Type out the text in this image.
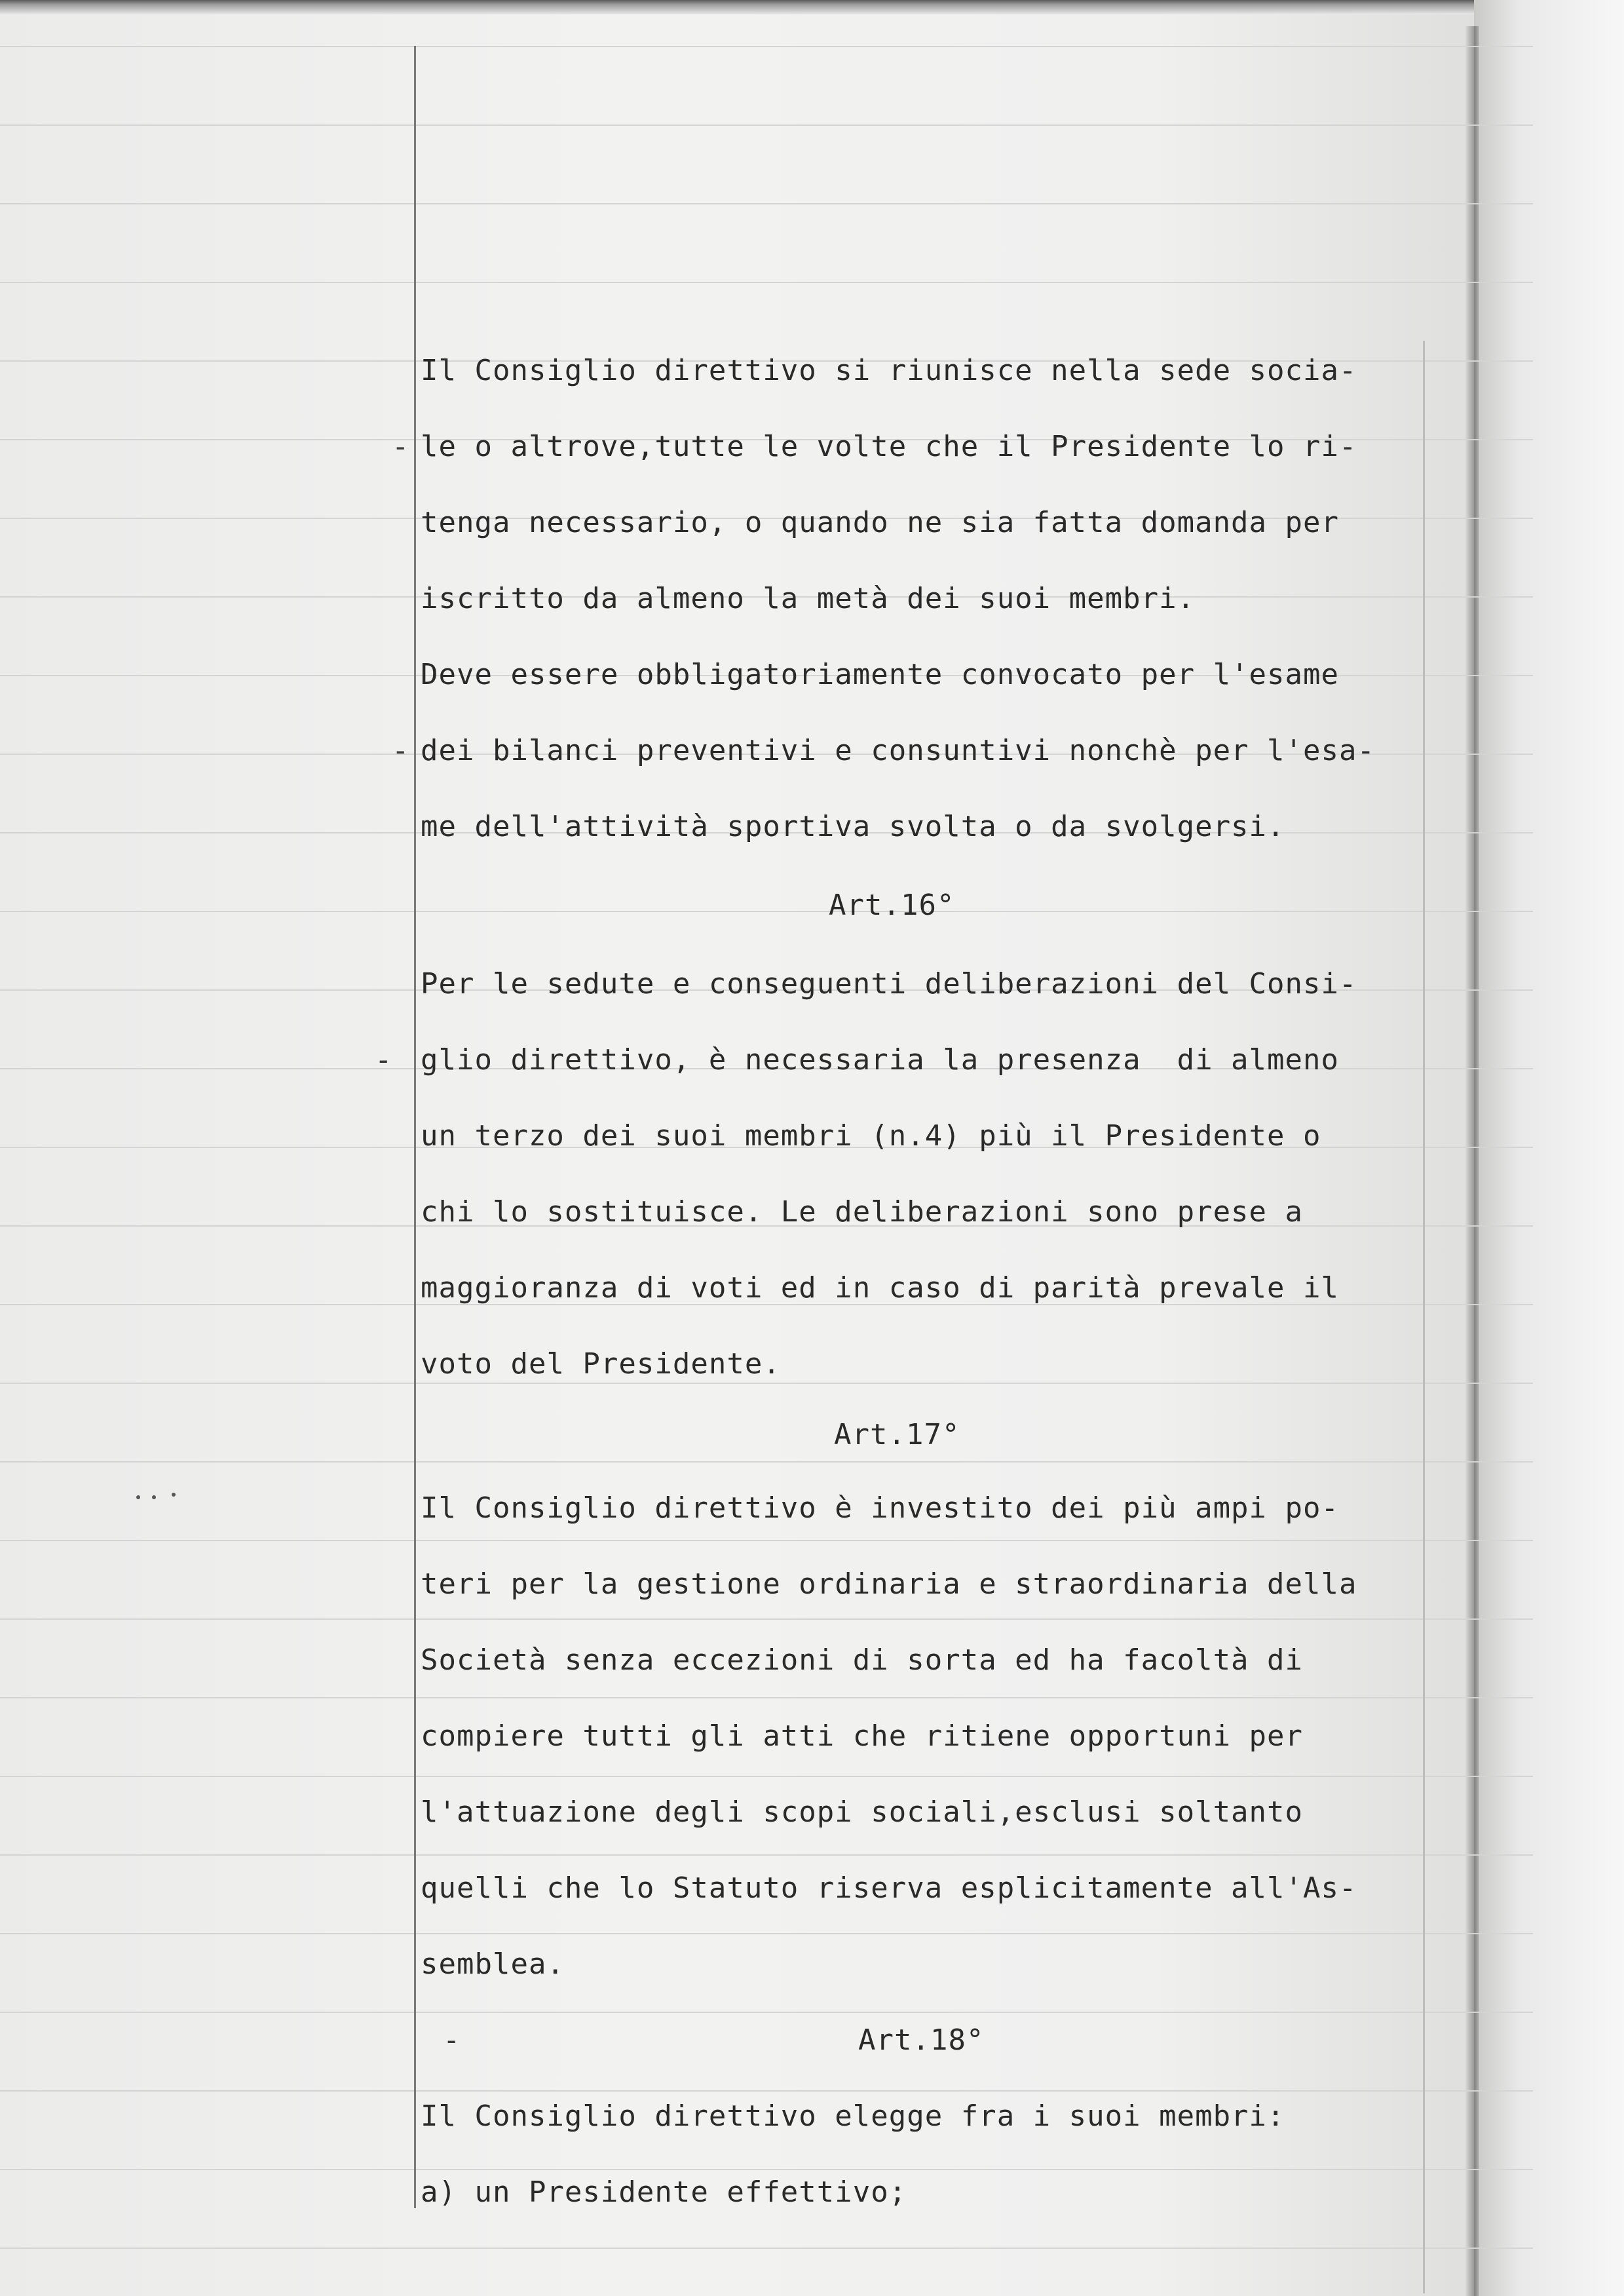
Il Consiglio direttivo si riunisce nella sede socia-
le o altrove,tutte le volte che il Presidente lo ri-
tenga necessario, o quando ne sia fatta domanda per
iscritto da almeno la metà dei suoi membri.
Deve essere obbligatoriamente convocato per l'esame
dei bilanci preventivi e consuntivi nonchè per l'esa-
me dell'attività sportiva svolta o da svolgersi.
Art.16°
Per le sedute e conseguenti deliberazioni del Consi-
glio direttivo, è necessaria la presenza  di almeno
un terzo dei suoi membri (n.4) più il Presidente o
chi lo sostituisce. Le deliberazioni sono prese a
maggioranza di voti ed in caso di parità prevale il
voto del Presidente.
Art.17°
Il Consiglio direttivo è investito dei più ampi po-
teri per la gestione ordinaria e straordinaria della
Società senza eccezioni di sorta ed ha facoltà di
compiere tutti gli atti che ritiene opportuni per
l'attuazione degli scopi sociali,esclusi soltanto
quelli che lo Statuto riserva esplicitamente all'As-
semblea.
Art.18°
Il Consiglio direttivo elegge fra i suoi membri:
a) un Presidente effettivo;
-
-
-
-
